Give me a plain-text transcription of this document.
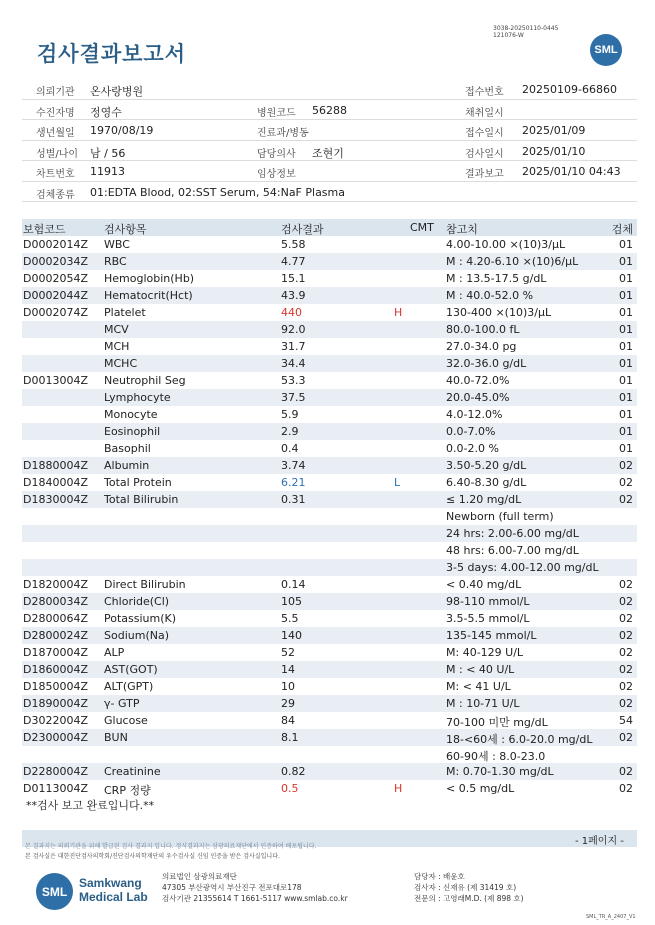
검사결과보고서
3038-20250110-0445
121076-W
SML
의뢰기관 온사랑병원	접수번호 20250109-66860
수진자명 정영수	병원코드 56288	채취일시
생년월일 1970/08/19	진료과/병동	접수일시 2025/01/09
성별/나이 남 / 56	담당의사 조현기	검사일시 2025/01/10
차트번호 11913	임상정보	결과보고 2025/01/10 04:43
검체종류 01:EDTA Blood, 02:SST Serum, 54:NaF Plasma
보험코드	검사항목	검사결과	CMT 참고치	검체
D0002014Z WBC	5.58	4.00-10.00 ×(10)3/μL	01
D0002034Z RBC	4.77	M : 4.20-6.10 ×(10)6/μL	01
D0002054Z Hemoglobin(Hb)	15.1	M : 13.5-17.5 g/dL	01
D0002044Z Hematocrit(Hct)	43.9	M : 40.0-52.0 %	01
D0002074Z Platelet	440	H	130-400 ×(10)3/μL	01
MCV	92.0	80.0-100.0 fL	01
MCH	31.7	27.0-34.0 pg	01
MCHC	34.4	32.0-36.0 g/dL	01
D0013004Z Neutrophil Seg	53.3	40.0-72.0%	01
Lymphocyte	37.5	20.0-45.0%	01
Monocyte	5.9	4.0-12.0%	01
Eosinophil	2.9	0.0-7.0%	01
Basophil	0.4	0.0-2.0 %	01
D1880004Z Albumin	3.74	3.50-5.20 g/dL	02
D1840004Z Total Protein	6.21	L	6.40-8.30 g/dL	02
D1830004Z Total Bilirubin	0.31	≤ 1.20 mg/dL	02
Newborn (full term)
24 hrs: 2.00-6.00 mg/dL
48 hrs: 6.00-7.00 mg/dL
3-5 days: 4.00-12.00 mg/dL
D1820004Z Direct Bilirubin	0.14	< 0.40 mg/dL	02
D2800034Z Chloride(Cl)	105	98-110 mmol/L	02
D2800064Z Potassium(K)	5.5	3.5-5.5 mmol/L	02
D2800024Z Sodium(Na)	140	135-145 mmol/L	02
D1870004Z ALP	52	M: 40-129 U/L	02
D1860004Z AST(GOT)	14	M : < 40 U/L	02
D1850004Z ALT(GPT)	10	M: < 41 U/L	02
D1890004Z γ- GTP	29	M : 10-71 U/L	02
D3022004Z Glucose	84	70-100 미만 mg/dL	54
D2300004Z BUN	8.1	18-<60세 : 6.0-20.0 mg/dL 02
60-90세 : 8.0-23.0
D2280004Z Creatinine	0.82	M: 0.70-1.30 mg/dL	02
D0113004Z CRP 정량	0.5	H	< 0.5 mg/dL	02
**검사 보고 완료입니다.**
본 결과지는 의뢰기관을 위해 발급된 검사 결과지 입니다. 정식결과지는 삼광의료재단에서 인증하여 배포됩니다.
본 검사실은 대한진단검사의학회/진단검사의학재단의 우수검사실 신임 인증을 받은 검사실입니다.
- 1페이지 -
SML
Samkwang
Medical Lab
의료법인 삼광의료재단
47305 부산광역시 부산진구 전포대로178
검사기관 21355614 T 1661-5117 www.smlab.co.kr
담당자 : 배윤호
검사자 : 신재유 (제 31419 호)
전문의 : 고영래M.D. (제 898 호)
SML_TR_A_2407_V1
